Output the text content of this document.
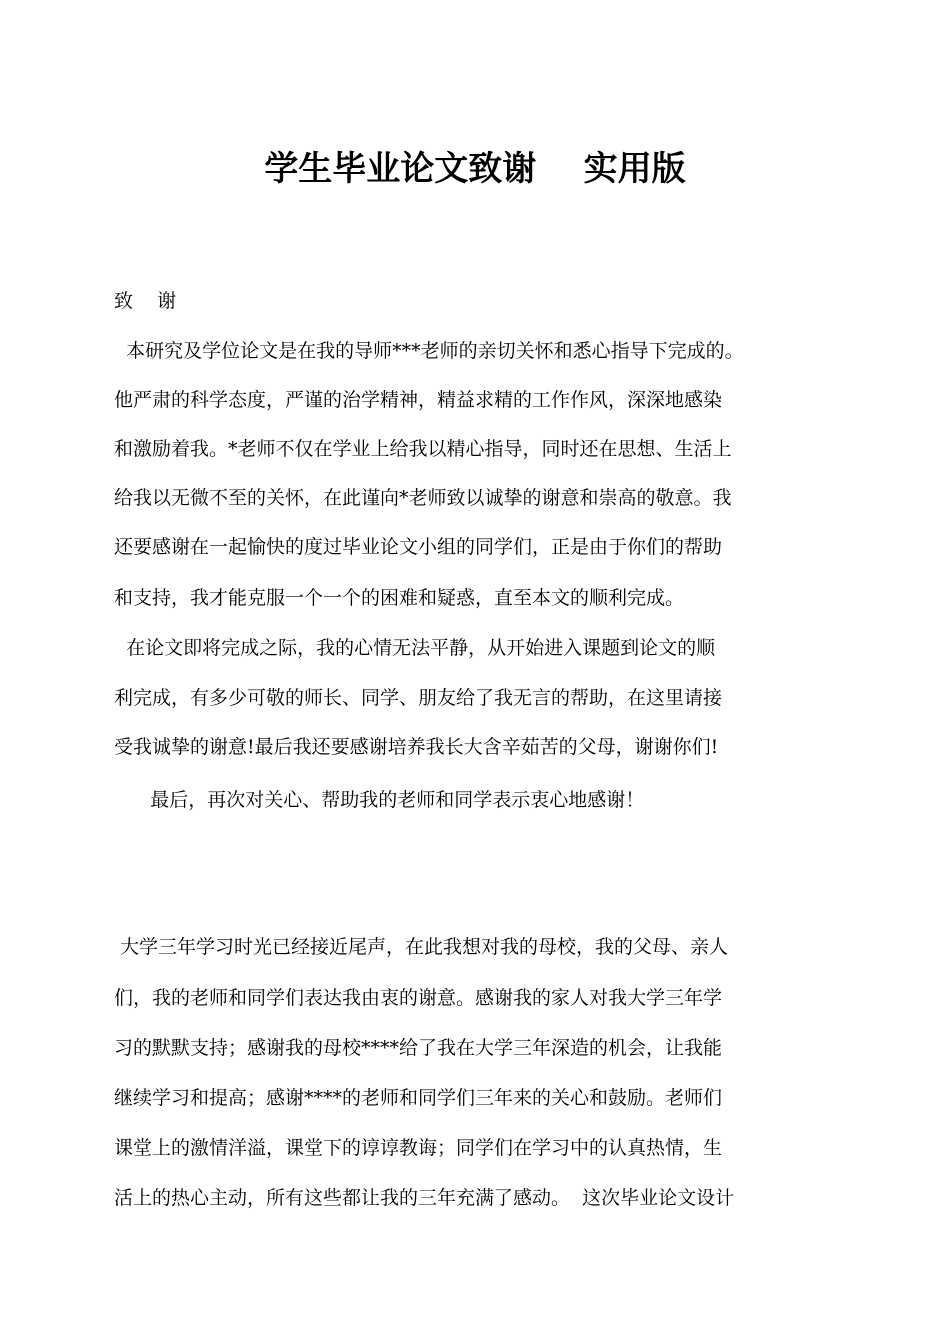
学生毕业论文致谢    实用版
致    谢
本研究及学位论文是在我的导师***老师的亲切关怀和悉心指导下完成的。
他严肃的科学态度，严谨的治学精神，精益求精的工作作风，深深地感染
和激励着我。*老师不仅在学业上给我以精心指导，同时还在思想、生活上
给我以无微不至的关怀，在此谨向*老师致以诚挚的谢意和崇高的敬意。我
还要感谢在一起愉快的度过毕业论文小组的同学们，正是由于你们的帮助
和支持，我才能克服一个一个的困难和疑惑，直至本文的顺利完成。
在论文即将完成之际，我的心情无法平静，从开始进入课题到论文的顺
利完成，有多少可敬的师长、同学、朋友给了我无言的帮助，在这里请接
受我诚挚的谢意!最后我还要感谢培养我长大含辛茹苦的父母，谢谢你们!
最后，再次对关心、帮助我的老师和同学表示衷心地感谢！
大学三年学习时光已经接近尾声，在此我想对我的母校，我的父母、亲人
们，我的老师和同学们表达我由衷的谢意。感谢我的家人对我大学三年学
习的默默支持；感谢我的母校****给了我在大学三年深造的机会，让我能
继续学习和提高；感谢****的老师和同学们三年来的关心和鼓励。老师们
课堂上的激情洋溢，课堂下的谆谆教诲；同学们在学习中的认真热情，生
活上的热心主动，所有这些都让我的三年充满了感动。  这次毕业论文设计
